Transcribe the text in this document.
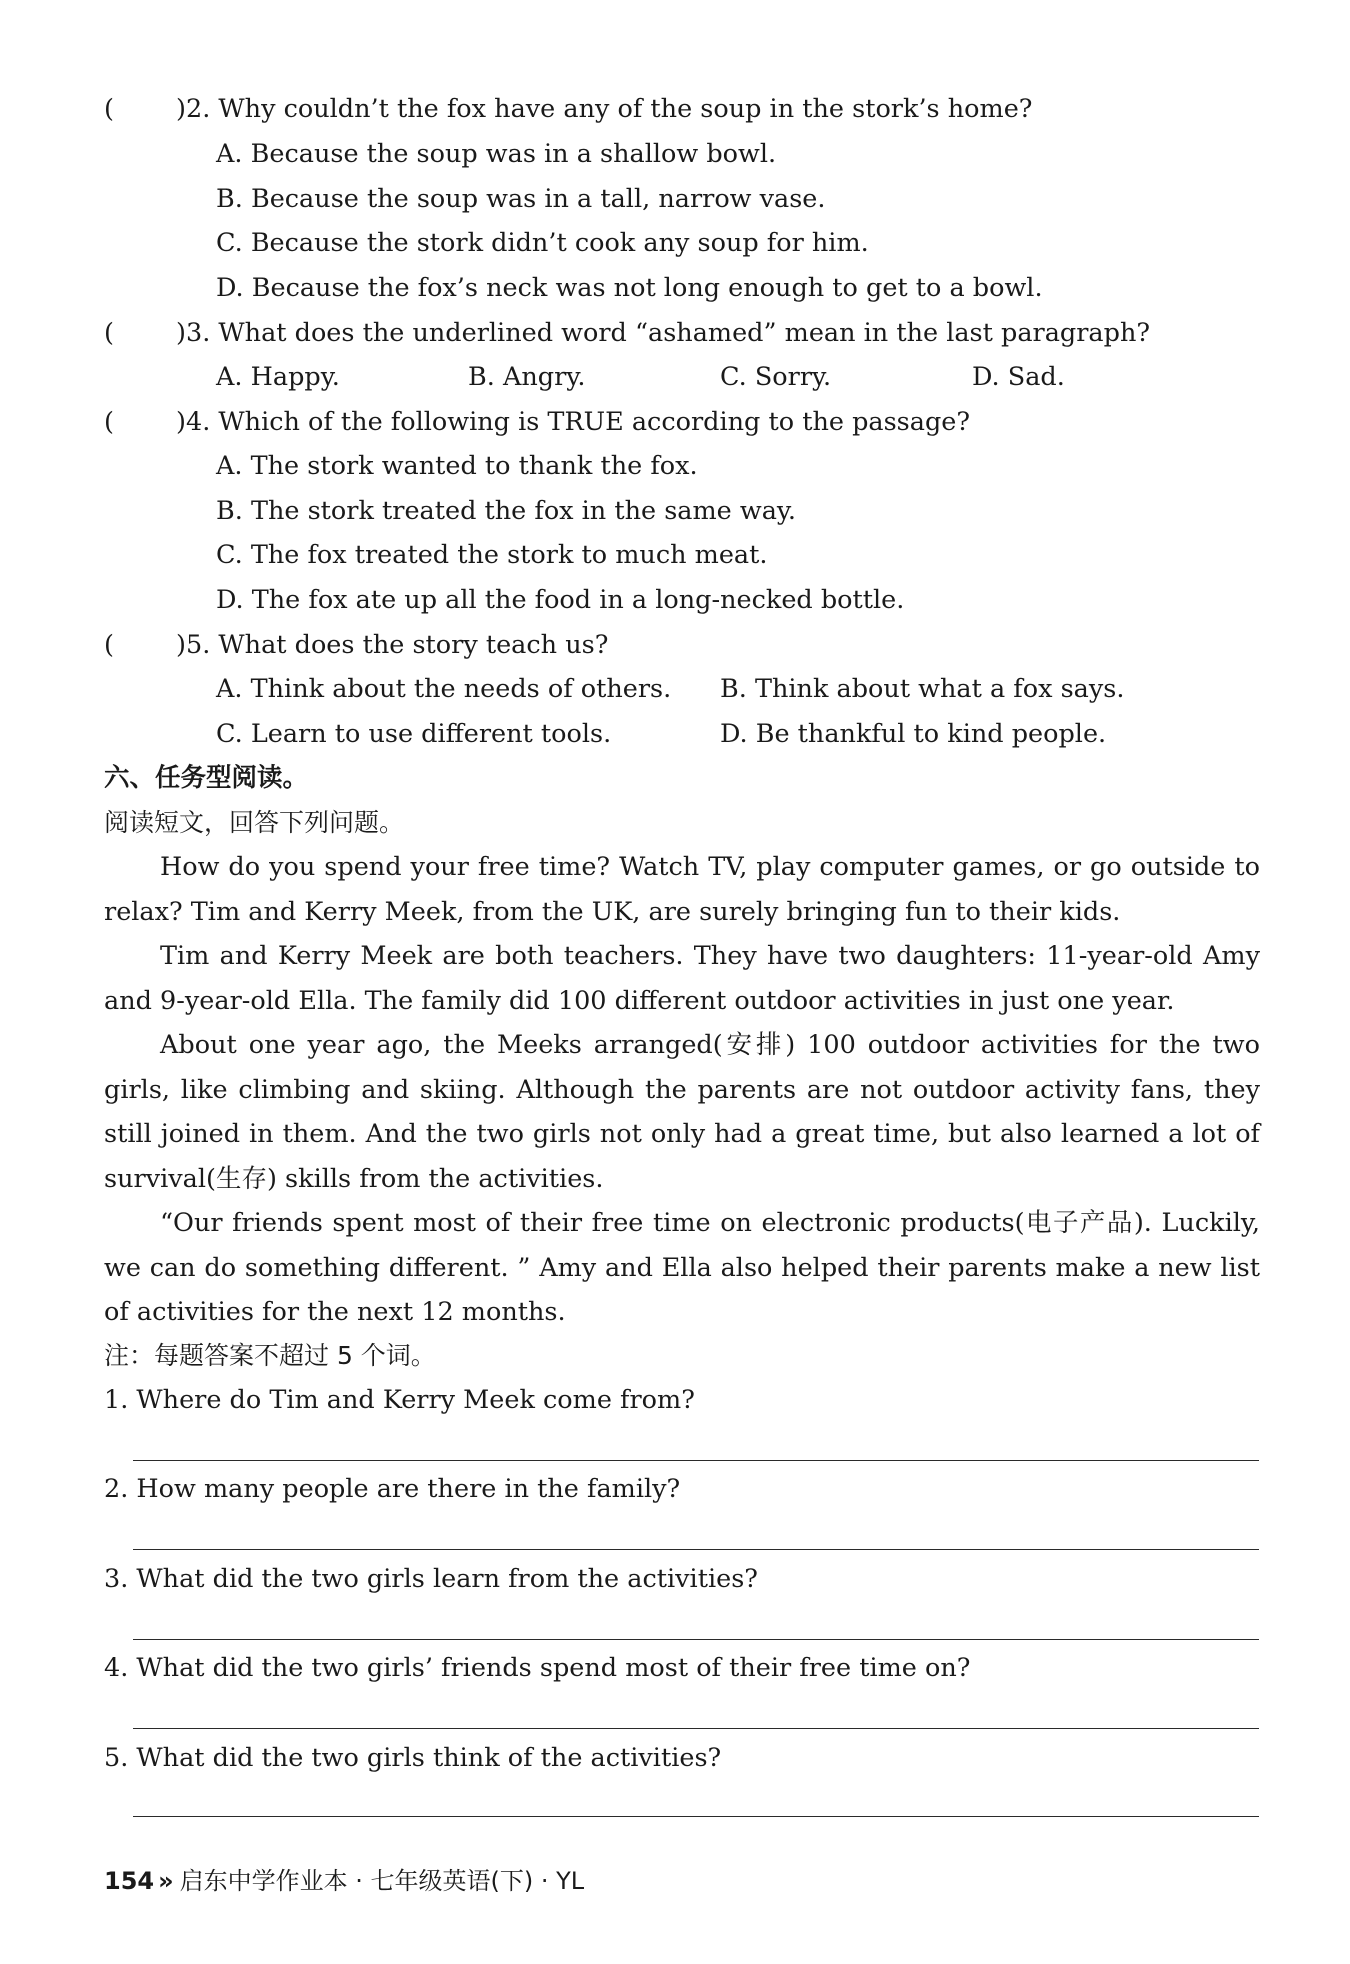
( ) 2. Why couldn’t the fox have any of the soup in the stork’s home?
A. Because the soup was in a shallow bowl.
B. Because the soup was in a tall, narrow vase.
C. Because the stork didn’t cook any soup for him.
D. Because the fox’s neck was not long enough to get to a bowl.
( ) 3. What does the underlined word “ashamed” mean in the last paragraph?
A. Happy.	B. Angry.	C. Sorry.	D. Sad.
( ) 4. Which of the following is TRUE according to the passage?
A. The stork wanted to thank the fox.
B. The stork treated the fox in the same way.
C. The fox treated the stork to much meat.
D. The fox ate up all the food in a long-necked bottle.
( ) 5. What does the story teach us?
A. Think about the needs of others. B. Think about what a fox says.
C. Learn to use different tools.	D. Be thankful to kind people.
六、任务型阅读。
阅读短文，回答下列问题。
How do you spend your free time? Watch TV, play computer games, or go outside to relax? Tim and Kerry Meek, from the UK, are surely bringing fun to their kids.
Tim and Kerry Meek are both teachers. They have two daughters: 11-year-old Amy and 9-year-old Ella. The family did 100 different outdoor activities in just one year.
About one year ago, the Meeks arranged(安排) 100 outdoor activities for the two girls, like climbing and skiing. Although the parents are not outdoor activity fans, they still joined in them. And the two girls not only had a great time, but also learned a lot of survival(生存) skills from the activities.
“Our friends spent most of their free time on electronic products(电子产品). Luckily, we can do something different. ” Amy and Ella also helped their parents make a new list of activities for the next 12 months.
注：每题答案不超过 5 个词。
1. Where do Tim and Kerry Meek come from?
2. How many people are there in the family?
3. What did the two girls learn from the activities?
4. What did the two girls’ friends spend most of their free time on?
5. What did the two girls think of the activities?
154 » 启东中学作业本 · 七年级英语(下) · YL
